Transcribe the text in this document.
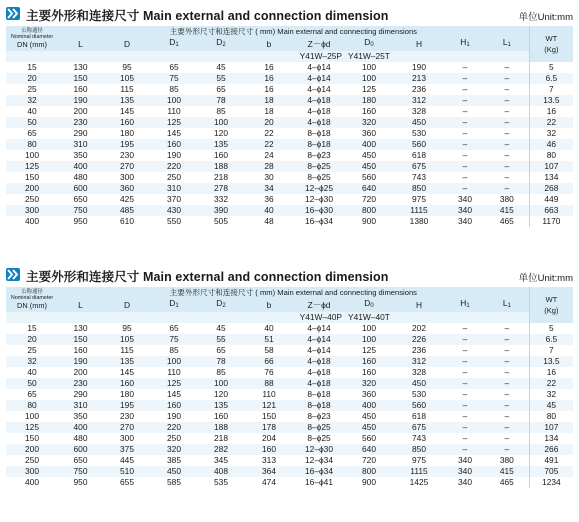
主要外形和连接尺寸 Main external and connection dimension	单位Unit:mm
公称通径
Nominal diameter
DN (mm)	主要外形尺寸和连接尺寸 ( mm) Main external and connecting dimensions										WT
(Kg)

	L	D	D1	D2	b	Z－ϕd	D0	H	H1	L1	
					Y41W–25P		Y41W–25T				
15	130	95	65	45	16	4–ϕ14	100	190	–	–	5
20	150	105	75	55	16	4–ϕ14	100	213	–	–	6.5
25	160	115	85	65	16	4–ϕ14	125	236	–	–	7
32	190	135	100	78	18	4–ϕ18	180	312	–	–	13.5
40	200	145	110	85	18	4–ϕ18	160	328	–	–	16
50	230	160	125	100	20	4–ϕ18	320	450	–	–	22
65	290	180	145	120	22	8–ϕ18	360	530	–	–	32
80	310	195	160	135	22	8–ϕ18	400	560	–	–	46
100	350	230	190	160	24	8–ϕ23	450	618	–	–	80
125	400	270	220	188	28	8–ϕ25	450	675	–	–	107
150	480	300	250	218	30	8–ϕ25	560	743	–	–	134
200	600	360	310	278	34	12–ϕ25	640	850	–	–	268
250	650	425	370	332	36	12–ϕ30	720	975	340	380	449
300	750	485	430	390	40	16–ϕ30	800	1115	340	415	663
400	950	610	550	505	48	16–ϕ34	900	1380	340	465	1170
主要外形和连接尺寸 Main external and connection dimension	单位Unit:mm
公称通径
Nominal diameter
DN (mm)	主要外形尺寸和连接尺寸 ( mm) Main external and connecting dimensions										WT
(Kg)

	L	D	D1	D2	b	Z－ϕd	D0	H	H1	L1	
					Y41W–40P		Y41W–40T				
15	130	95	65	45	40	4–ϕ14	100	202	–	–	5
20	150	105	75	55	51	4–ϕ14	100	226	–	–	6.5
25	160	115	85	65	58	4–ϕ14	125	236	–	–	7
32	190	135	100	78	66	4–ϕ18	160	312	–	–	13.5
40	200	145	110	85	76	4–ϕ18	160	328	–	–	16
50	230	160	125	100	88	4–ϕ18	320	450	–	–	22
65	290	180	145	120	110	8–ϕ18	360	530	–	–	32
80	310	195	160	135	121	8–ϕ18	400	560	–	–	45
100	350	230	190	160	150	8–ϕ23	450	618	–	–	80
125	400	270	220	188	178	8–ϕ25	450	675	–	–	107
150	480	300	250	218	204	8–ϕ25	560	743	–	–	134
200	600	375	320	282	160	12–ϕ30	640	850	–	–	266
250	650	445	385	345	313	12–ϕ34	720	975	340	380	491
300	750	510	450	408	364	16–ϕ34	800	1115	340	415	705
400	950	655	585	535	474	16–ϕ41	900	1425	340	465	1234
